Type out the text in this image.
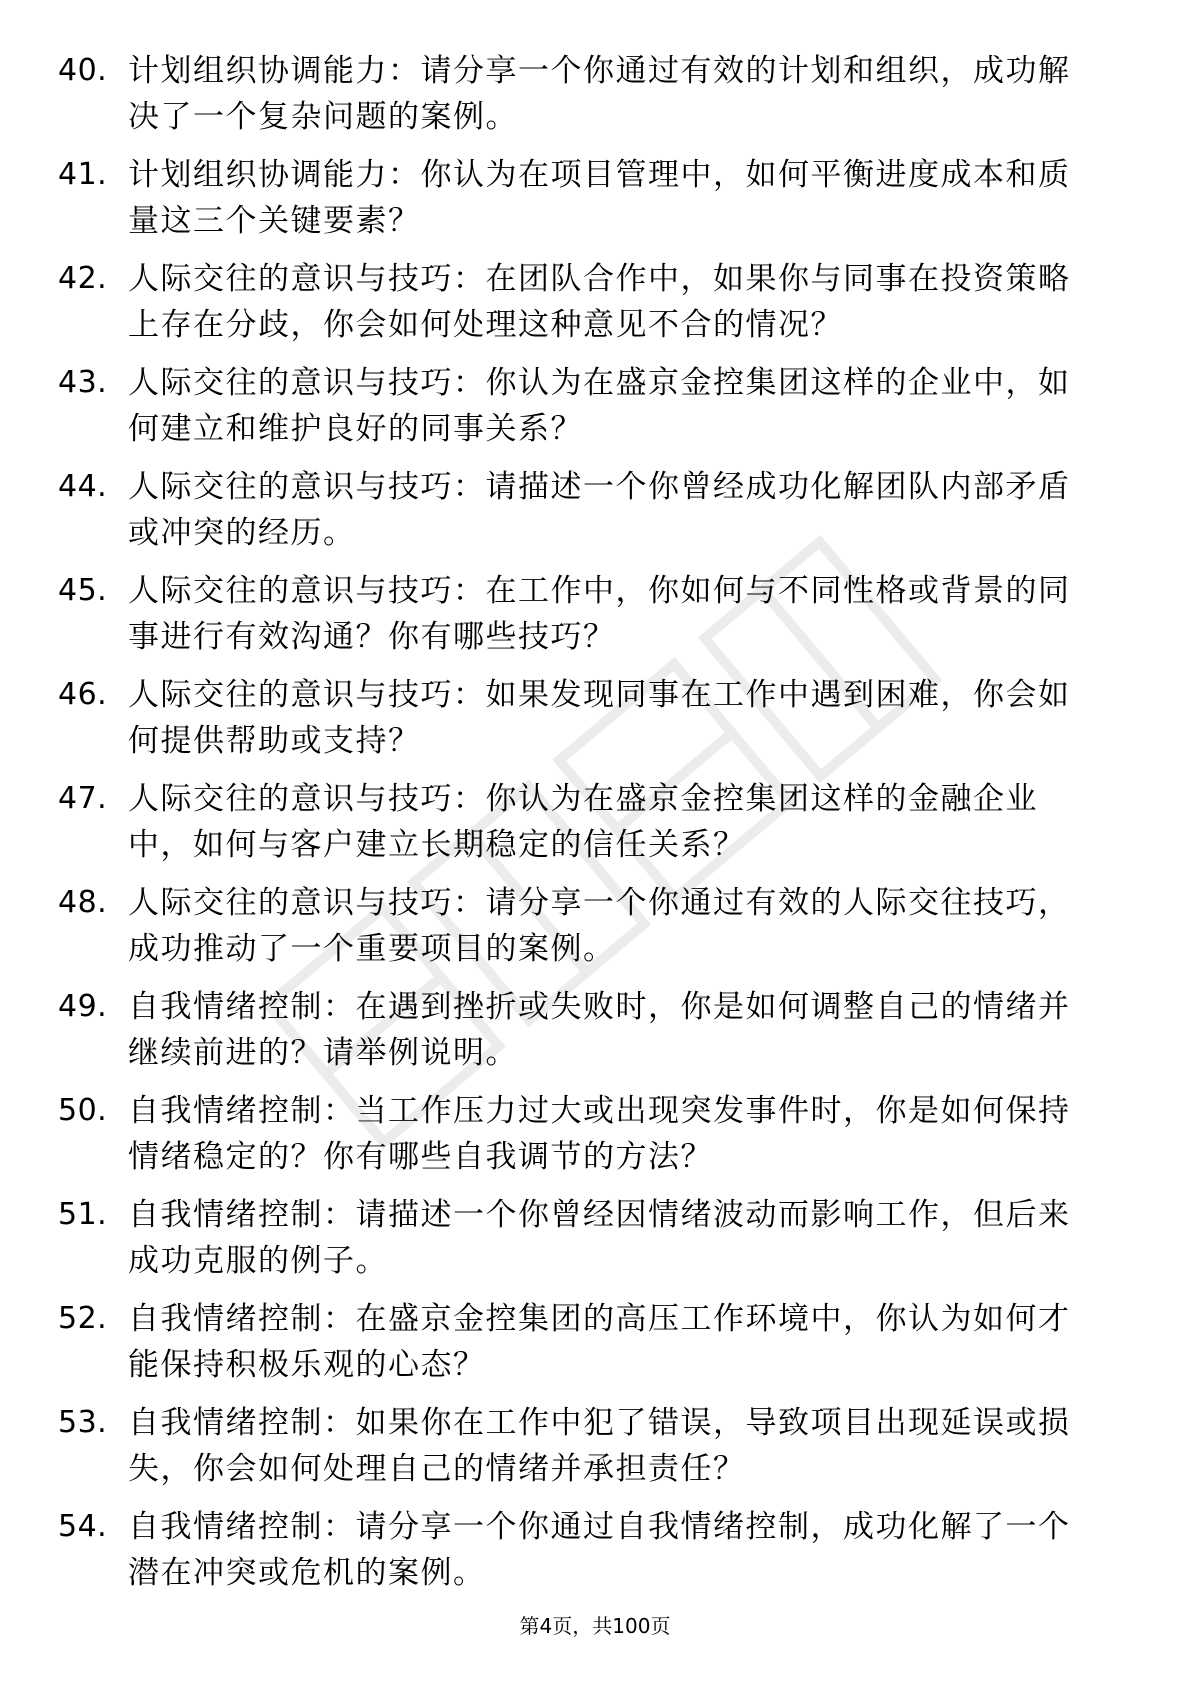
40. 计划组织协调能力：请分享一个你通过有效的计划和组织，成功解决了一个复杂问题的案例。
41. 计划组织协调能力：你认为在项目管理中，如何平衡进度成本和质量这三个关键要素？
42. 人际交往的意识与技巧：在团队合作中，如果你与同事在投资策略上存在分歧，你会如何处理这种意见不合的情况？
43. 人际交往的意识与技巧：你认为在盛京金控集团这样的企业中，如何建立和维护良好的同事关系？
44. 人际交往的意识与技巧：请描述一个你曾经成功化解团队内部矛盾或冲突的经历。
45. 人际交往的意识与技巧：在工作中，你如何与不同性格或背景的同事进行有效沟通？你有哪些技巧？
46. 人际交往的意识与技巧：如果发现同事在工作中遇到困难，你会如何提供帮助或支持？
47. 人际交往的意识与技巧：你认为在盛京金控集团这样的金融企业中，如何与客户建立长期稳定的信任关系？
48. 人际交往的意识与技巧：请分享一个你通过有效的人际交往技巧，成功推动了一个重要项目的案例。
49. 自我情绪控制：在遇到挫折或失败时，你是如何调整自己的情绪并继续前进的？请举例说明。
50. 自我情绪控制：当工作压力过大或出现突发事件时，你是如何保持情绪稳定的？你有哪些自我调节的方法？
51. 自我情绪控制：请描述一个你曾经因情绪波动而影响工作，但后来成功克服的例子。
52. 自我情绪控制：在盛京金控集团的高压工作环境中，你认为如何才能保持积极乐观的心态？
53. 自我情绪控制：如果你在工作中犯了错误，导致项目出现延误或损失，你会如何处理自己的情绪并承担责任？
54. 自我情绪控制：请分享一个你通过自我情绪控制，成功化解了一个潜在冲突或危机的案例。
第4页，共100页
